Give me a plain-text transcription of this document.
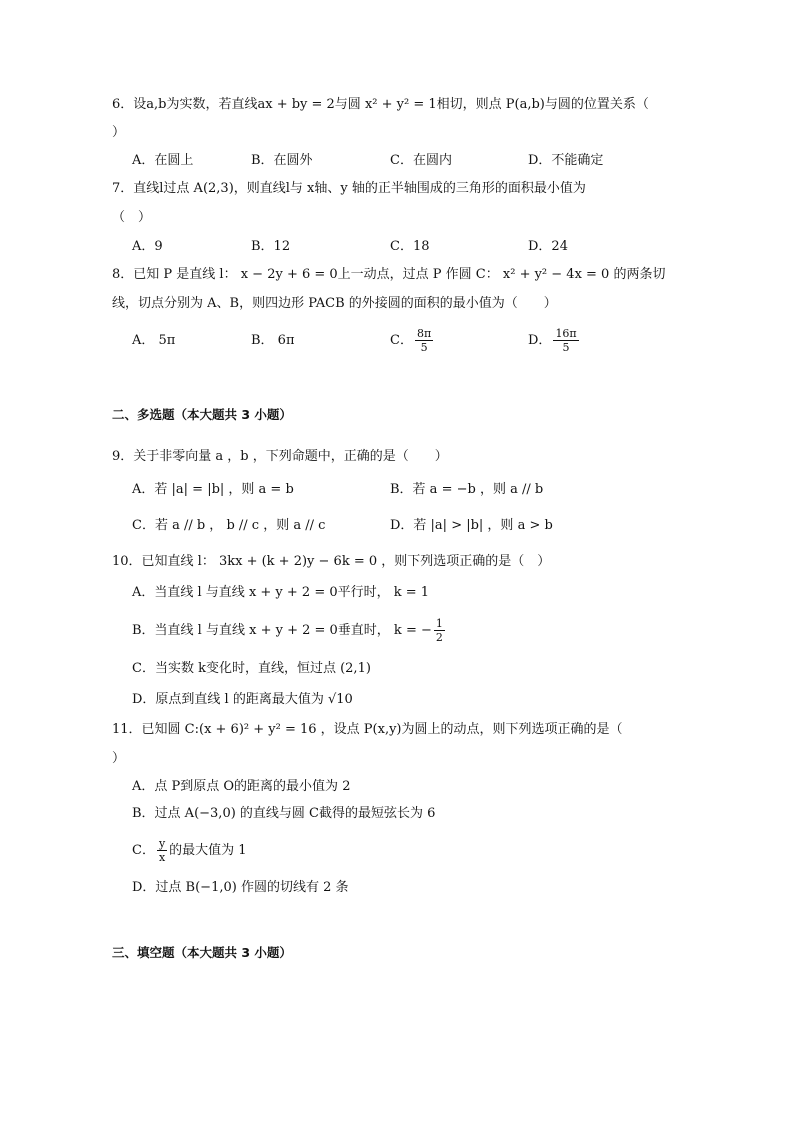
6．设a,b为实数，若直线ax + by = 2与圆 x² + y² = 1相切，则点 P(a,b)与圆的位置关系（
）
A．在圆上	B．在圆外	C．在圆内	D．不能确定
7．直线l过点 A(2,3)，则直线l与 x轴、y 轴的正半轴围成的三角形的面积最小值为
（　）
A．9	B．12	C．18	D．24
8．已知 P 是直线 l： x − 2y + 6 = 0上一动点，过点 P 作圆 C： x² + y² − 4x = 0 的两条切
线，切点分别为 A、B，则四边形 PACB 的外接圆的面积的最小值为（　　）
A． 5π	B． 6π	C． $\frac{8\pi}{5}$	D． $\frac{16\pi}{5}$
二、多选题（本大题共 3 小题）
9．关于非零向量 a ，b ，下列命题中，正确的是（　　）
A．若 |a| = |b| ，则 a = b	B．若 a = −b ，则 a // b
C．若 a // b ， b // c ，则 a // c	D．若 |a| > |b| ，则 a > b
10．已知直线 l： 3kx + (k + 2)y − 6k = 0 ，则下列选项正确的是（　）
A．当直线 l 与直线 x + y + 2 = 0平行时， k = 1
B．当直线 l 与直线 x + y + 2 = 0垂直时， k = − $\frac{1}{2}$
C．当实数 k变化时，直线，恒过点 (2,1)
D．原点到直线 l 的距离最大值为 √10
11．已知圆 C:(x + 6)² + y² = 16 ，设点 P(x,y)为圆上的动点，则下列选项正确的是（
）
A．点 P到原点 O的距离的最小值为 2
B．过点 A(−3,0) 的直线与圆 C截得的最短弦长为 6
C． $\frac{y}{x}$ 的最大值为 1
D．过点 B(−1,0) 作圆的切线有 2 条
三、填空题（本大题共 3 小题）
